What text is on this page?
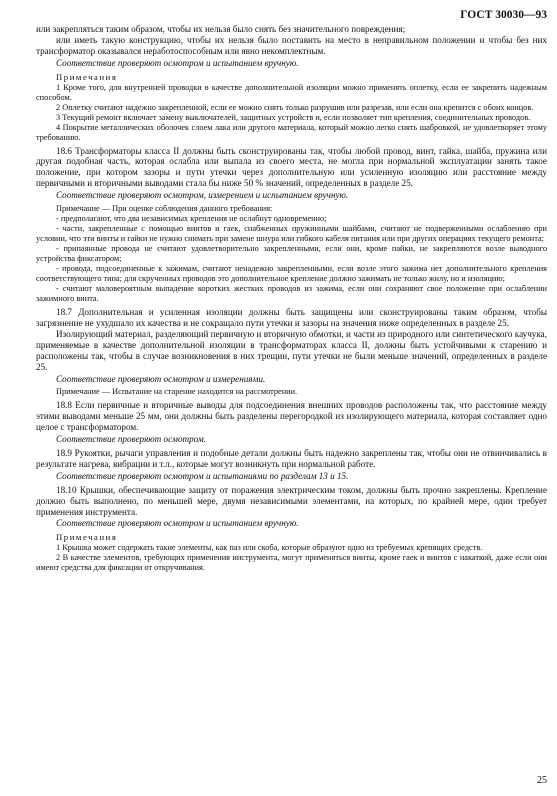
ГОСТ 30030—93

или закрепляться таким образом, чтобы их нельзя было снять без значительного повреждения;

или иметь такую конструкцию, чтобы их нельзя было поставить на место в неправильном положении и чтобы без них трансформатор оказывался неработоспособным или явно некомплектным.

Соответствие проверяют осмотром и испытанием вручную.

Примечания

1 Кроме того, для внутренней проводки в качестве дополнительной изоляции можно применять оплетку, если ее закрепить надежным способом.

2 Оплетку считают надежно закрепленной, если ее можно снять только разрушив или разрезав, или если она крепится с обоих концов.

3 Текущий ремонт включает замену выключателей, защитных устройств и, если позволяет тип крепления, соединительных проводов.

4 Покрытие металлических оболочек слоем лака или другого материала, который можно легко снять шабровкой, не удовлетворяет этому требованию.

18.6 Трансформаторы класса II должны быть сконструированы так, чтобы любой провод, винт, гайка, шайба, пружина или другая подобная часть, которая ослабла или выпала из своего места, не могла при нормальной эксплуатации занять такое положение, при котором зазоры и пути утечки через дополнительную или усиленную изоляцию или расстояние между первичными и вторичными выводами стала бы ниже 50 % значений, определенных в разделе 25.

Соответствие проверяют осмотром, измерением и испытанием вручную.

Примечание — При оценке соблюдения данного требования:

- предполагают, что два независимых крепления не ослабнут одновременно;

- части, закрепленные с помощью винтов и гаек, снабженных пружинными шайбами, считают не подверженными ослаблению при условии, что эти винты и гайки не нужно снимать при замене шнура или гибкого кабеля питания или при других операциях текущего ремонта;

- припаянные провода не считают удовлетворительно закрепленными, если они, кроме пайки, не закрепляются возле выводного устройства фиксатором;

- провода, подсоединенные к зажимам, считают ненадежно закрепленными, если возле этого зажима нет дополнительного крепления соответствующего типа; для скрученных проводов это дополнительное крепление должно зажимать не только жилу, но и изоляцию;

- считают маловероятным выпадение коротких жестких проводов из зажима, если они сохраняют свое положение при ослаблении зажимного винта.

18.7 Дополнительная и усиленная изоляции должны быть защищены или сконструированы таким образом, чтобы загрязнение не ухудшало их качества и не сокращало пути утечки и зазоры на значения ниже определенных в разделе 25.

Изолирующий материал, разделяющий первичную и вторичную обмотки, и части из природного или синтетического каучука, применяемые в качестве дополнительной изоляции в трансформаторах класса II, должны быть устойчивыми к старению и расположены так, чтобы в случае возникновения в них трещин, пути утечки не были меньше значений, определенных в разделе 25.

Соответствие проверяют осмотром и измерениями.

Примечание — Испытание на старение находится на рассмотрении.

18.8 Если первичные и вторичные выводы для подсоединения внешних проводов расположены так, что расстояние между этими выводами меньше 25 мм, они должны быть разделены перегородкой из изолирующего материала, которая составляет одно целое с трансформатором.

Соответствие проверяют осмотром.

18.9 Рукоятки, рычаги управления и подобные детали должны быть надежно закреплены так, чтобы они не отвинчивались в результате нагрева, вибрации и т.л., которые могут возникнуть при нормальной работе.

Соответствие проверяют осмотром и испытаниями по разделам 13 и 15.

18.10 Крышки, обеспечивающие защиту от поражения электрическим током, должны быть прочно закреплены. Крепление должно быть выполнено, по меньшей мере, двумя независимыми элементами, на которых, по крайней мере, один требует применения инструмента.

Соответствие проверяют осмотром и испытанием вручную.

Примечания

1 Крышка может содержать такие элементы, как паз или скоба, которые образуют одно из требуемых крепящих средств.

2 В качестве элементов, требующих применения инструмента, могут применяться винты, кроме гаек и винтов с накаткой, даже если они имеют средства для фиксации от откручивания.

25
